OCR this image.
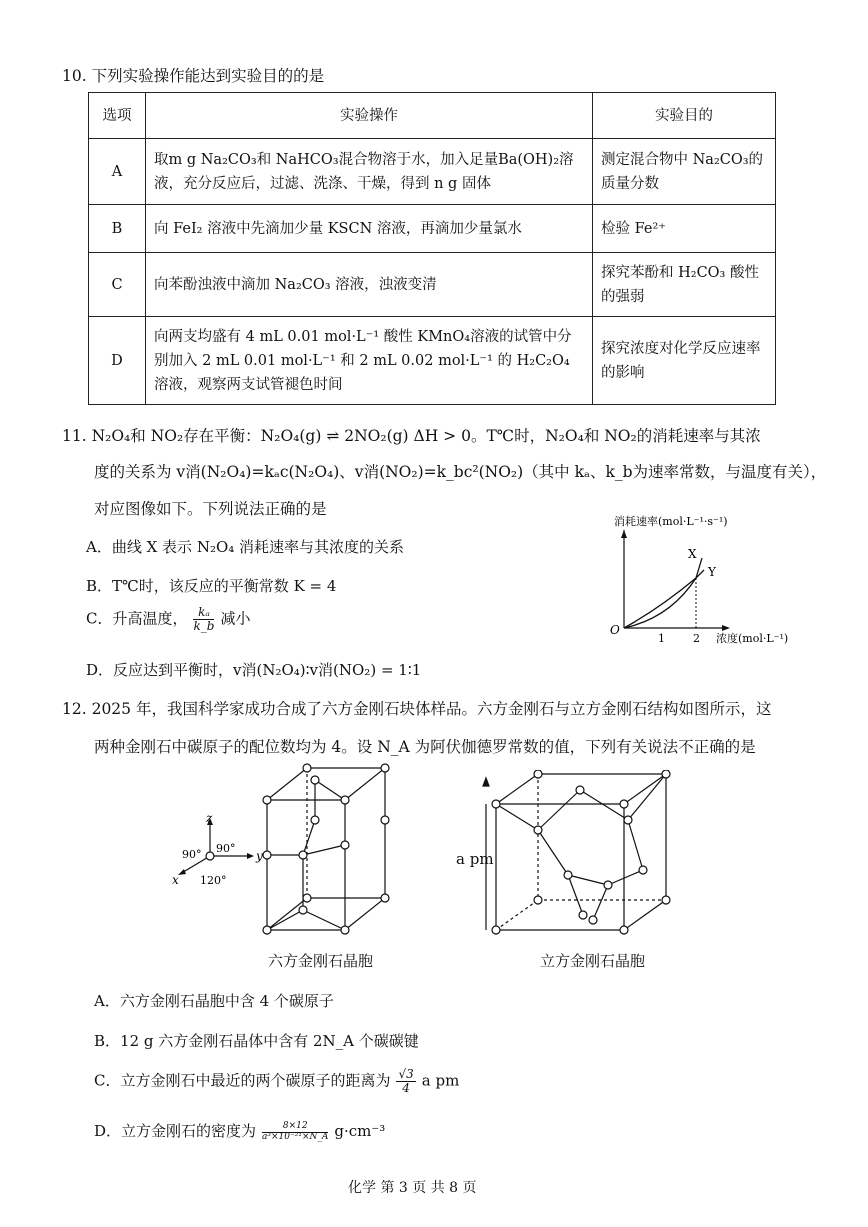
10. 下列实验操作能达到实验目的的是
选项	实验操作	实验目的
A	取m g Na₂CO₃和 NaHCO₃混合物溶于水，加入足量Ba(OH)₂溶液，充分反应后，过滤、洗涤、干燥，得到 n g 固体	测定混合物中 Na₂CO₃的质量分数
B	向 FeI₂ 溶液中先滴加少量 KSCN 溶液，再滴加少量氯水	检验 Fe²⁺
C	向苯酚浊液中滴加 Na₂CO₃ 溶液，浊液变清	探究苯酚和 H₂CO₃ 酸性的强弱
D	向两支均盛有 4 mL 0.01 mol·L⁻¹ 酸性 KMnO₄溶液的试管中分别加入 2 mL 0.01 mol·L⁻¹ 和 2 mL 0.02 mol·L⁻¹ 的 H₂C₂O₄溶液，观察两支试管褪色时间	探究浓度对化学反应速率的影响
11. N₂O₄和 NO₂存在平衡：N₂O₄(g) ⇌ 2NO₂(g) ΔH > 0。T℃时，N₂O₄和 NO₂的消耗速率与其浓
度的关系为 v消(N₂O₄)=kₐc(N₂O₄)、v消(NO₂)=k_bc²(NO₂)（其中 kₐ、k_b为速率常数，与温度有关），
对应图像如下。下列说法正确的是
A．曲线 X 表示 N₂O₄ 消耗速率与其浓度的关系
B．T℃时，该反应的平衡常数 K = 4
C．升高温度， $\frac{\text{kₐ}}{k\_b}$ 减小
D．反应达到平衡时，v消(N₂O₄)∶v消(NO₂) = 1∶1
消耗速率(mol·L⁻¹·s⁻¹)
X
Y
O
1	2 浓度(mol·L⁻¹)
12. 2025 年，我国科学家成功合成了六方金刚石块体样品。六方金刚石与立方金刚石结构如图所示，这
两种金刚石中碳原子的配位数均为 4。设 N_A 为阿伏伽德罗常数的值，下列有关说法不正确的是
z
y
x
90° 90°
120°
六方金刚石晶胞
a pm
立方金刚石晶胞
A．六方金刚石晶胞中含 4 个碳原子
B．12 g 六方金刚石晶体中含有 2N_A 个碳碳键
C．立方金刚石中最近的两个碳原子的距离为 $\frac{√3}{4}$ a pm
D．立方金刚石的密度为 $\frac{8\times 12}{\text{a³×10⁻²¹×N\_A}} g\cdot cm^{-3}$
化学 第 3 页 共 8 页
